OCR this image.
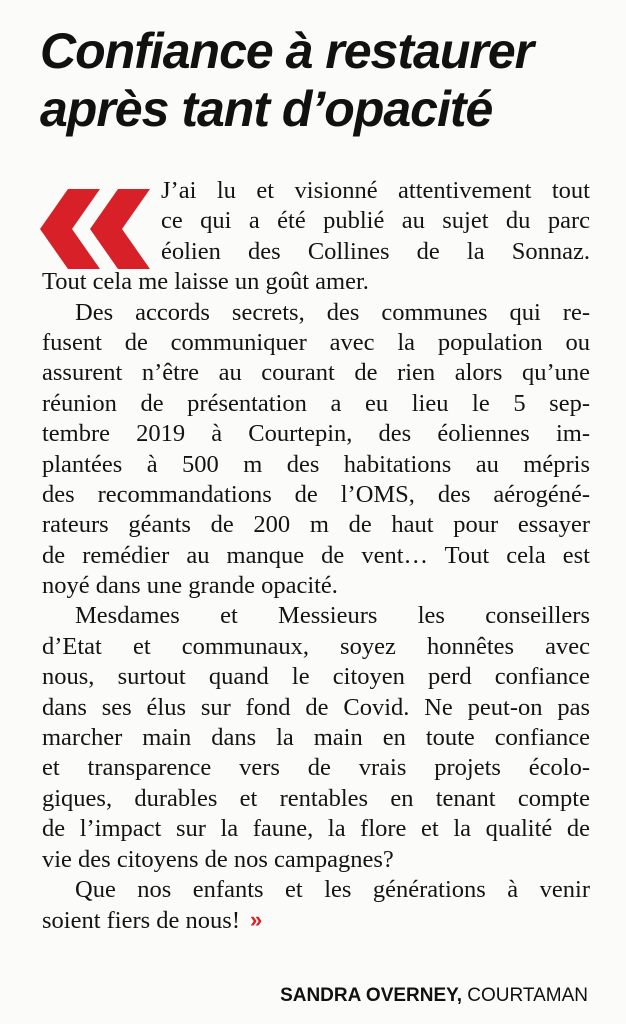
Confiance à restaurer
après tant d’opacité
J’ai lu et visionné attentivement tout
ce qui a été publié au sujet du parc
éolien des Collines de la Sonnaz.
Tout cela me laisse un goût amer.
Des accords secrets, des communes qui re-
fusent de communiquer avec la population ou
assurent n’être au courant de rien alors qu’une
réunion de présentation a eu lieu le 5 sep-
tembre 2019 à Courtepin, des éoliennes im-
plantées à 500 m des habitations au mépris
des recommandations de l’OMS, des aérogéné-
rateurs géants de 200 m de haut pour essayer
de remédier au manque de vent… Tout cela est
noyé dans une grande opacité.
Mesdames et Messieurs les conseillers
d’Etat et communaux, soyez honnêtes avec
nous, surtout quand le citoyen perd confiance
dans ses élus sur fond de Covid. Ne peut-on pas
marcher main dans la main en toute confiance
et transparence vers de vrais projets écolo-
giques, durables et rentables en tenant compte
de l’impact sur la faune, la flore et la qualité de
vie des citoyens de nos campagnes?
Que nos enfants et les générations à venir
soient fiers de nous! »
SANDRA OVERNEY, COURTAMAN
